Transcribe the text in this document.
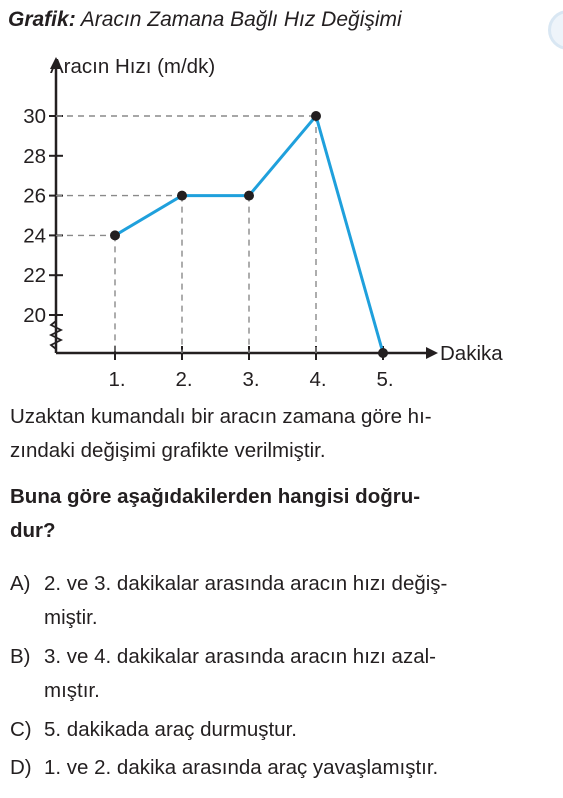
Grafik: Aracın Zamana Bağlı Hız Değişimi
Aracın Hızı (m/dk)
Dakika
20
22
24
26
28
30
1. 2. 3. 4. 5.
Uzaktan kumandalı bir aracın zamana göre hı-
zındaki değişimi grafikte verilmiştir.
Buna göre aşağıdakilerden hangisi doğru-
dur?
A) 2. ve 3. dakikalar arasında aracın hızı değiş-
miştir.
B) 3. ve 4. dakikalar arasında aracın hızı azal-
mıştır.
C) 5. dakikada araç durmuştur.
D) 1. ve 2. dakika arasında araç yavaşlamıştır.
